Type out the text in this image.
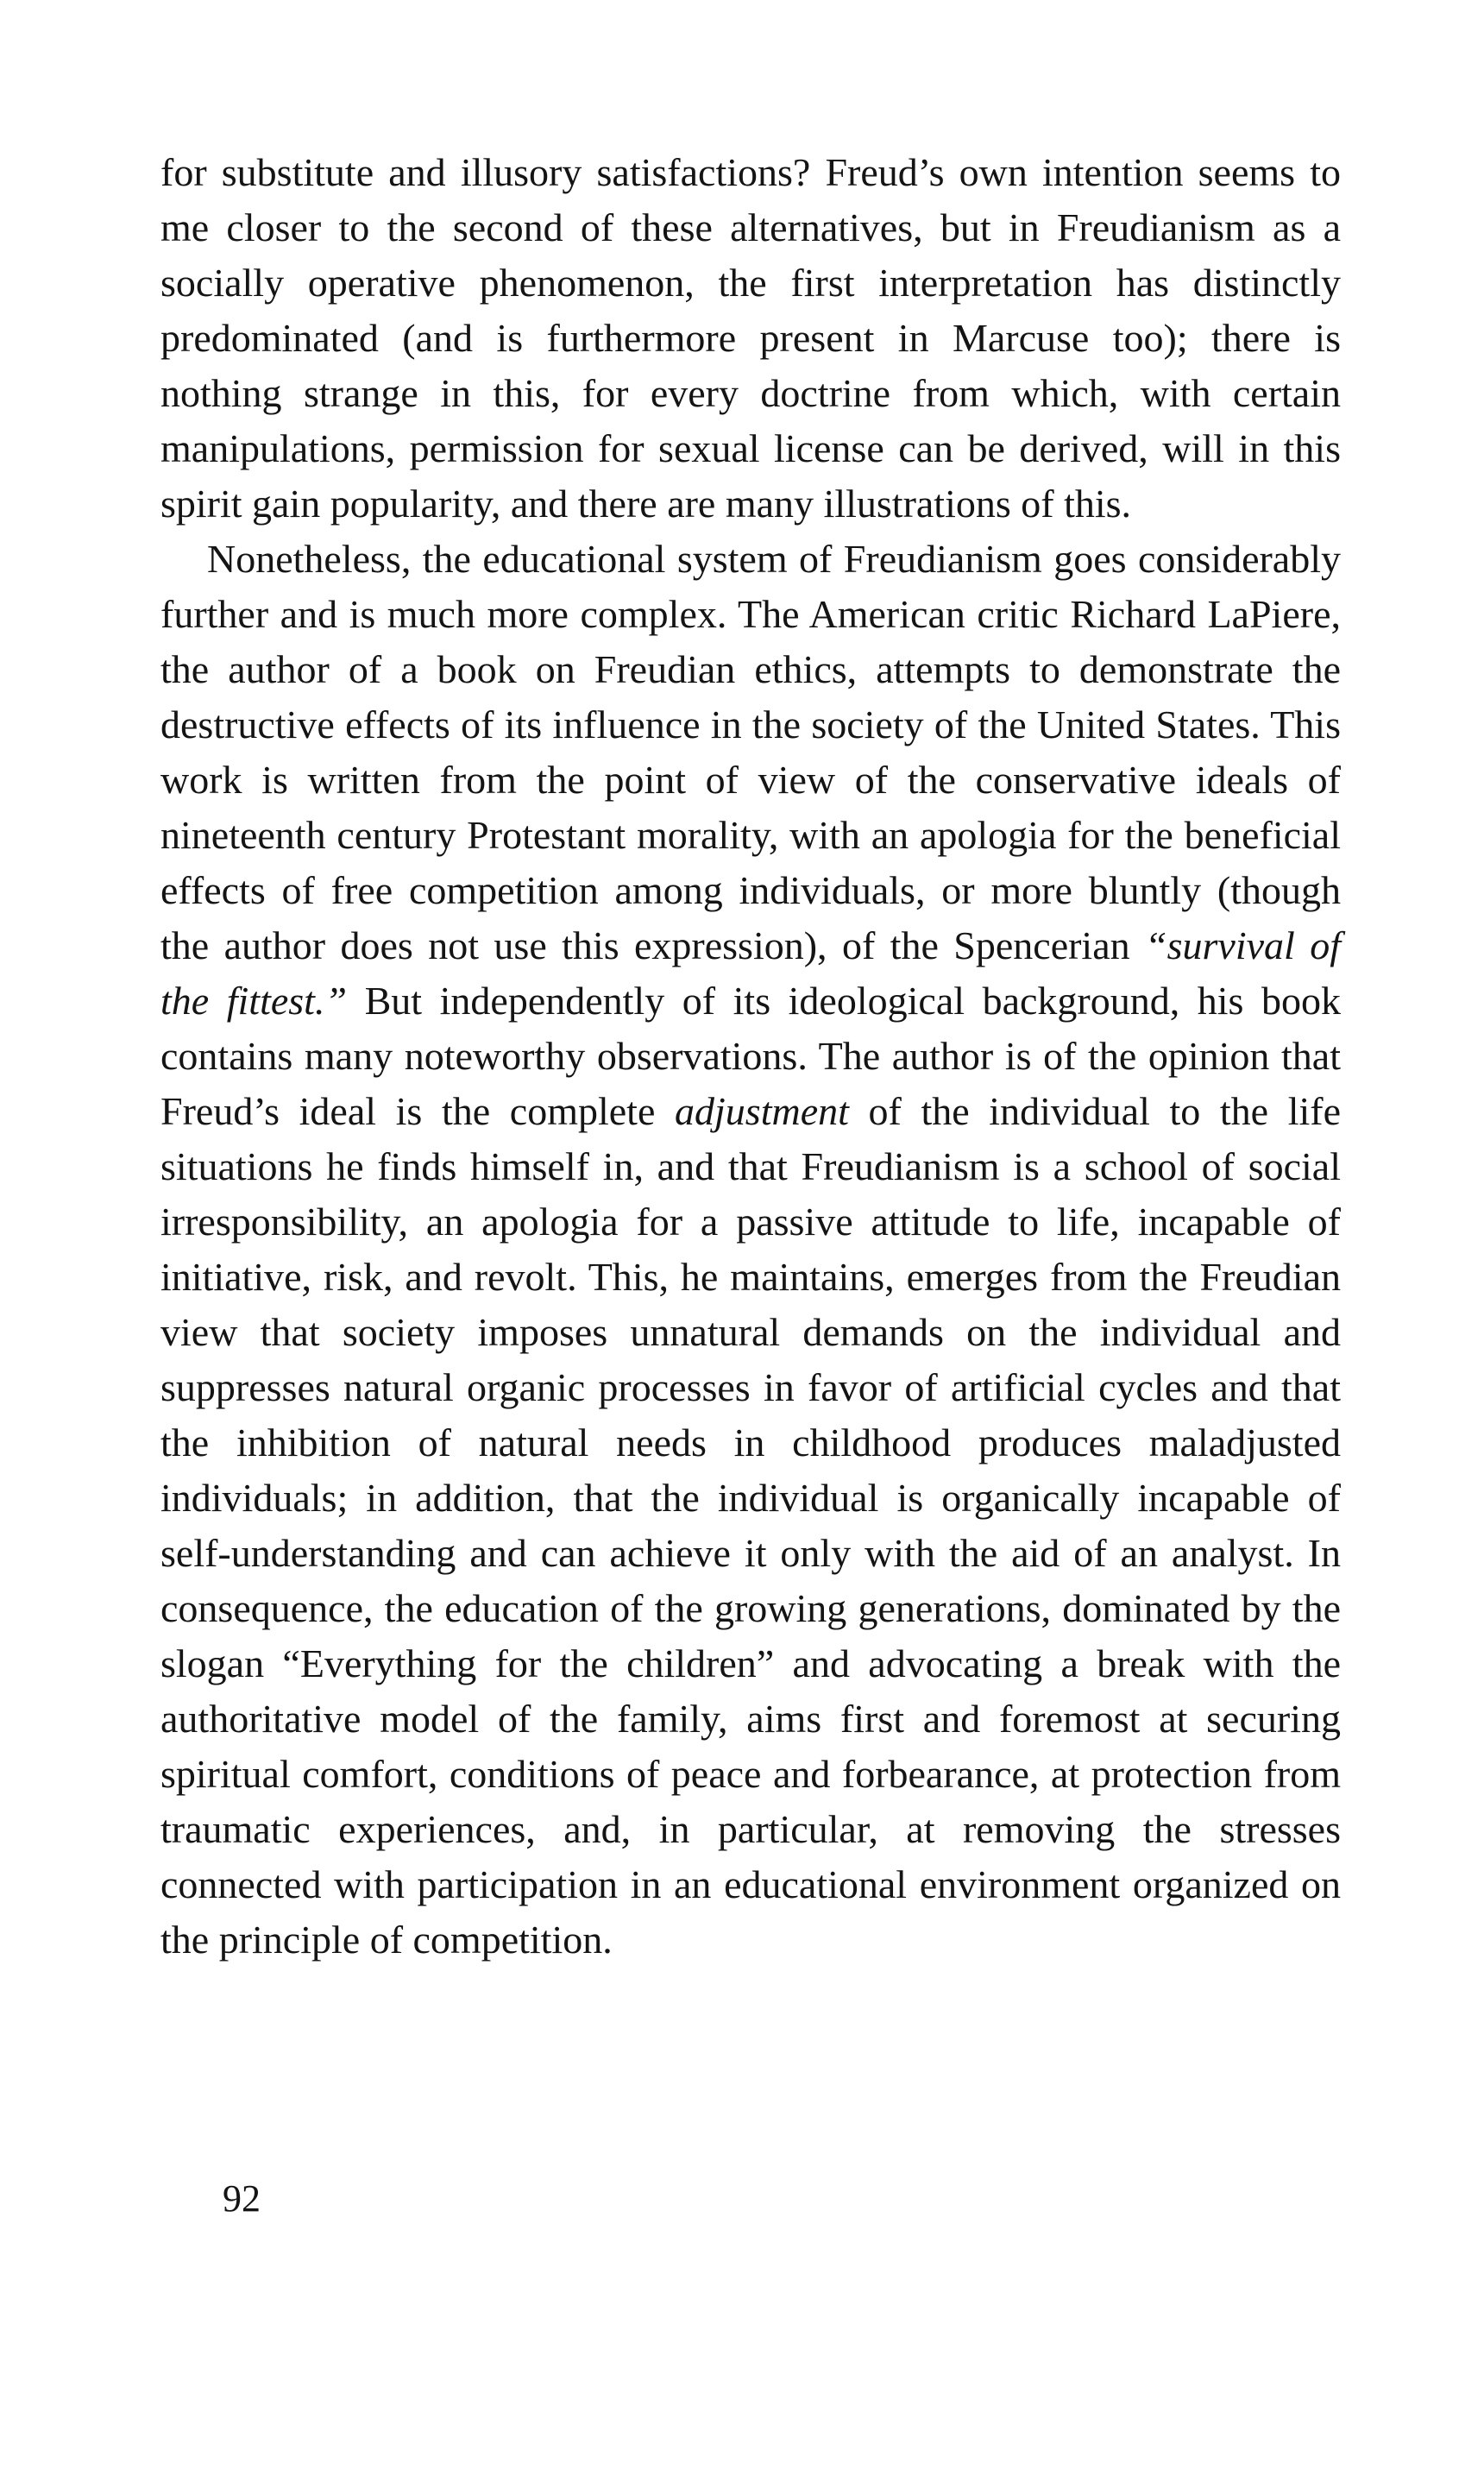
for substitute and illusory satisfactions? Freud’s own intention seems to me closer to the second of these alternatives, but in Freudianism as a socially operative phenomenon, the first interpretation has distinctly predominated (and is furthermore present in Marcuse too); there is nothing strange in this, for every doctrine from which, with certain manipulations, permission for sexual license can be derived, will in this spirit gain popularity, and there are many illustrations of this.

Nonetheless, the educational system of Freudianism goes considerably further and is much more complex. The American critic Richard LaPiere, the author of a book on Freudian ethics, attempts to demonstrate the destructive effects of its influence in the society of the United States. This work is written from the point of view of the conservative ideals of nineteenth century Protestant morality, with an apologia for the beneficial effects of free competition among individuals, or more bluntly (though the author does not use this expression), of the Spencerian “survival of the fittest.” But independently of its ideological background, his book contains many noteworthy observations. The author is of the opinion that Freud’s ideal is the complete adjustment of the individual to the life situations he finds himself in, and that Freudianism is a school of social irresponsibility, an apologia for a passive attitude to life, incapable of initiative, risk, and revolt. This, he maintains, emerges from the Freudian view that society imposes unnatural demands on the individual and suppresses natural organic processes in favor of artificial cycles and that the inhibition of natural needs in childhood produces maladjusted individuals; in addition, that the individual is organically incapable of self-understanding and can achieve it only with the aid of an analyst. In consequence, the education of the growing generations, dominated by the slogan “Everything for the children” and advocating a break with the authoritative model of the family, aims first and foremost at securing spiritual comfort, conditions of peace and forbearance, at protection from traumatic experiences, and, in particular, at removing the stresses connected with participation in an educational environment organized on the principle of competition.

92
